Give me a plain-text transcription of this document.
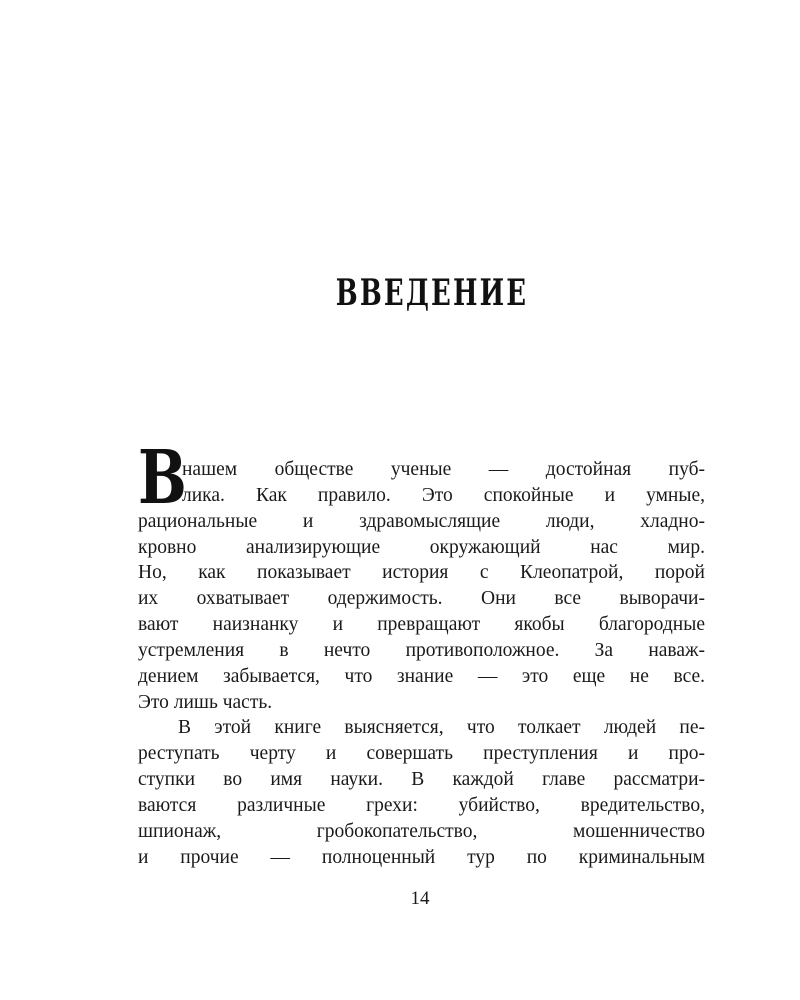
ВВЕДЕНИЕ
В
нашем обществе ученые — достойная пуб-
лика. Как правило. Это спокойные и умные,
рациональные и здравомыслящие люди, хладно-
кровно анализирующие окружающий нас мир.
Но, как показывает история с Клеопатрой, порой
их охватывает одержимость. Они все выворачи-
вают наизнанку и превращают якобы благородные
устремления в нечто противоположное. За наваж-
дением забывается, что знание — это еще не все.
Это лишь часть.
В этой книге выясняется, что толкает людей пе-
реступать черту и совершать преступления и про-
ступки во имя науки. В каждой главе рассматри-
ваются различные грехи: убийство, вредительство,
шпионаж, гробокопательство, мошенничество
и прочие — полноценный тур по криминальным
14
